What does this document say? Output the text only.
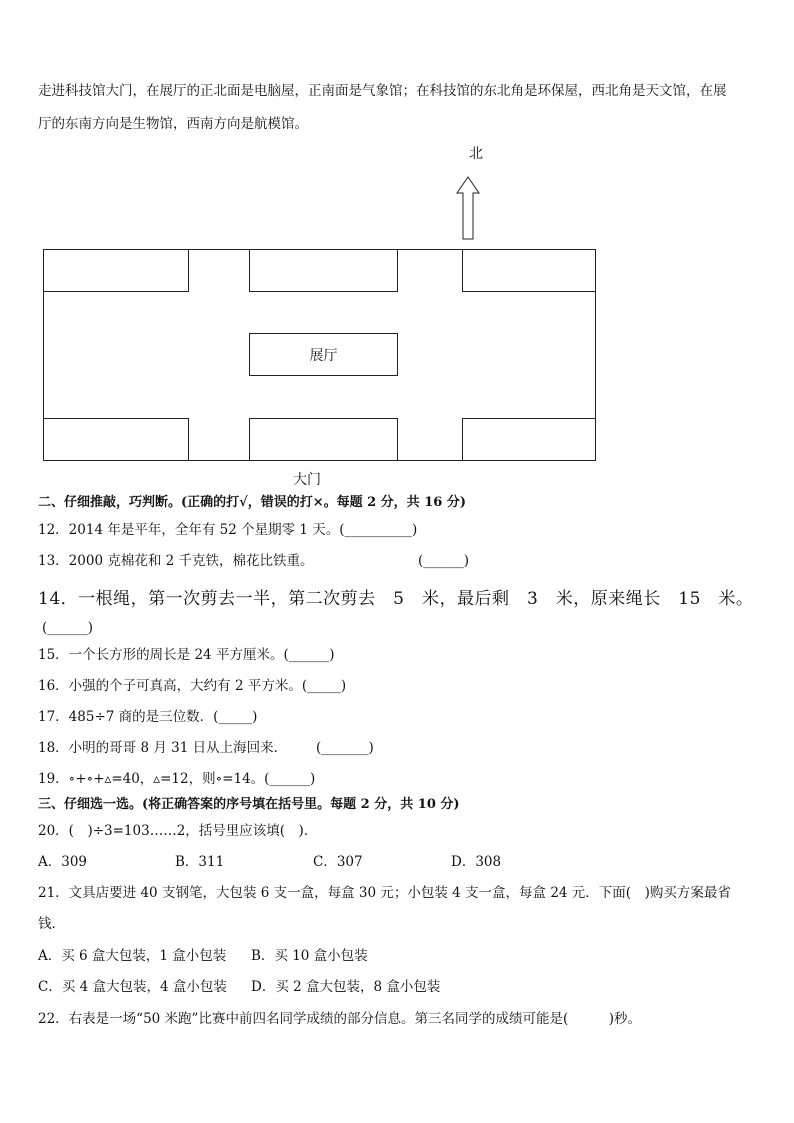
走进科技馆大门，在展厅的正北面是电脑屋，正南面是气象馆；在科技馆的东北角是环保屋，西北角是天文馆，在展
厅的东南方向是生物馆，西南方向是航模馆。
北
展厅
大门
二、仔细推敲，巧判断。(正确的打√，错误的打×。每题 2 分，共 16 分)
12．2014 年是平年，全年有 52 个星期零 1 天。(__________)
13．2000 克棉花和 2 千克铁，棉花比铁重。	(______)
14．一根绳，第一次剪去一半，第二次剪去　5　米，最后剩　3　米，原来绳长　15　米。
(______)
15．一个长方形的周长是 24 平方厘米。(______)
16．小强的个子可真高，大约有 2 平方米。(_____)
17．485÷7 商的是三位数．(_____)
18．小明的哥哥 8 月 31 日从上海回来． (_______)
19．∘+∘+▵=40，▵=12，则∘=14。(______)
三、仔细选一选。(将正确答案的序号填在括号里。每题 2 分，共 10 分)
20．(　)÷3=103……2，括号里应该填(　)．
A．309	B．311	C．307	D．308
21．文具店要进 40 支钢笔，大包装 6 支一盒，每盒 30 元；小包装 4 支一盒，每盒 24 元．下面(　)购买方案最省
钱．
A．买 6 盒大包装，1 盒小包装 B．买 10 盒小包装
C．买 4 盒大包装，4 盒小包装 D．买 2 盒大包装，8 盒小包装
22．右表是一场“50 米跑”比赛中前四名同学成绩的部分信息。第三名同学的成绩可能是(　　　)秒。
